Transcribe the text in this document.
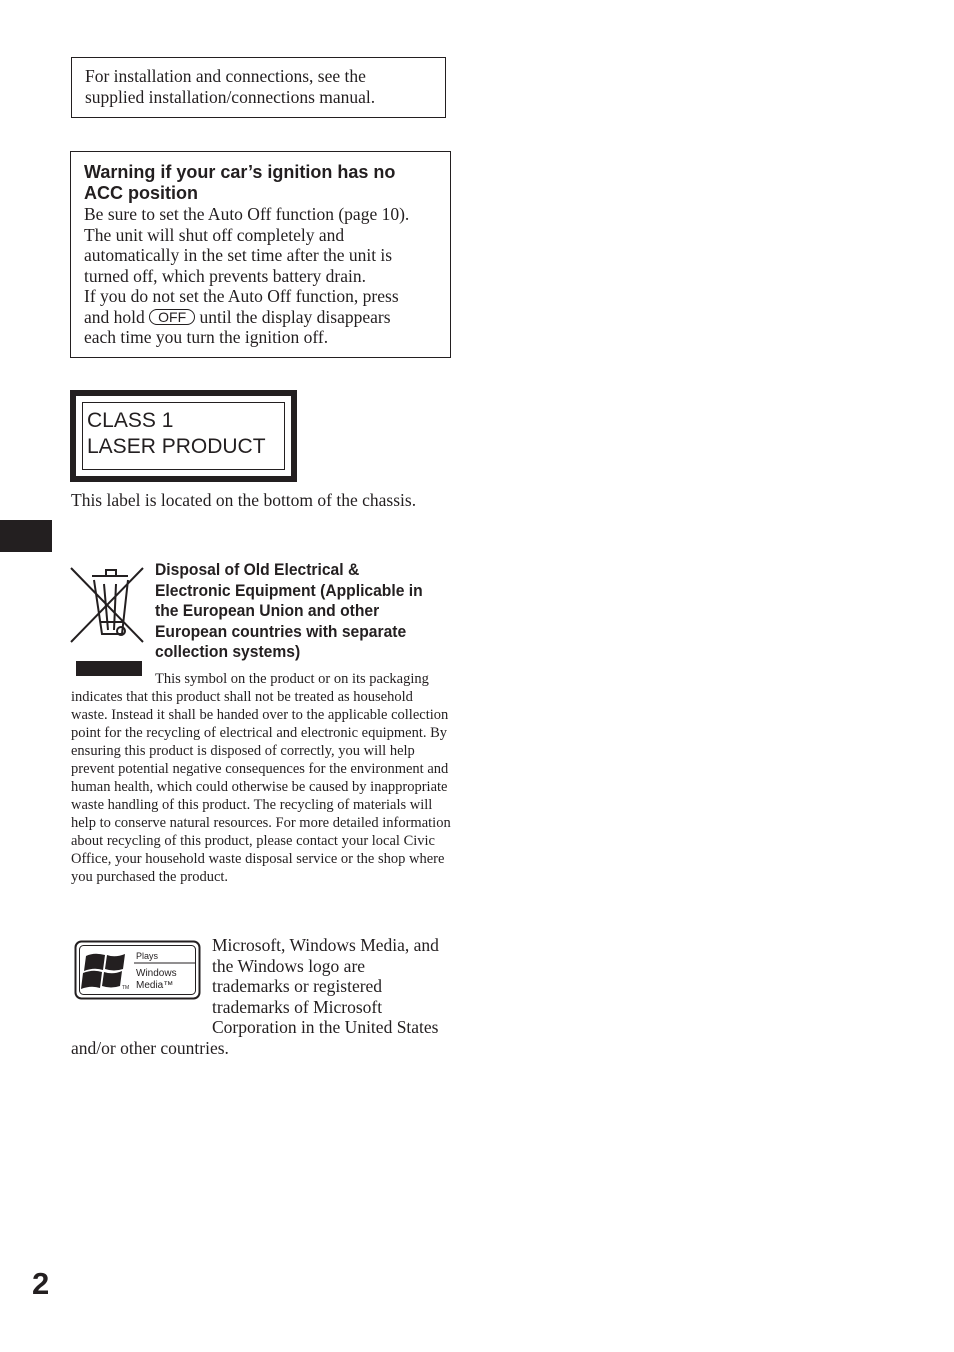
For installation and connections, see the
supplied installation/connections manual.
Warning if your car’s ignition has no
ACC position
Be sure to set the Auto Off function (page 10).
The unit will shut off completely and
automatically in the set time after the unit is
turned off, which prevents battery drain.
If you do not set the Auto Off function, press
and hold OFF until the display disappears
each time you turn the ignition off.
CLASS 1
LASER PRODUCT
This label is located on the bottom of the chassis.
Disposal of Old Electrical & Electronic Equipment (Applicable in the European Union and other European countries with separate collection systems)
This symbol on the product or on its packaging indicates that this product shall not be treated as household waste. Instead it shall be handed over to the applicable collection point for the recycling of electrical and electronic equipment. By ensuring this product is disposed of correctly, you will help prevent potential negative consequences for the environment and human health, which could otherwise be caused by inappropriate waste handling of this product. The recycling of materials will help to conserve natural resources. For more detailed information about recycling of this product, please contact your local Civic Office, your household waste disposal service or the shop where you purchased the product.
Plays
Windows
Media™
TM
Microsoft, Windows Media, and the Windows logo are trademarks or registered trademarks of Microsoft Corporation in the United States and/or other countries.
2
